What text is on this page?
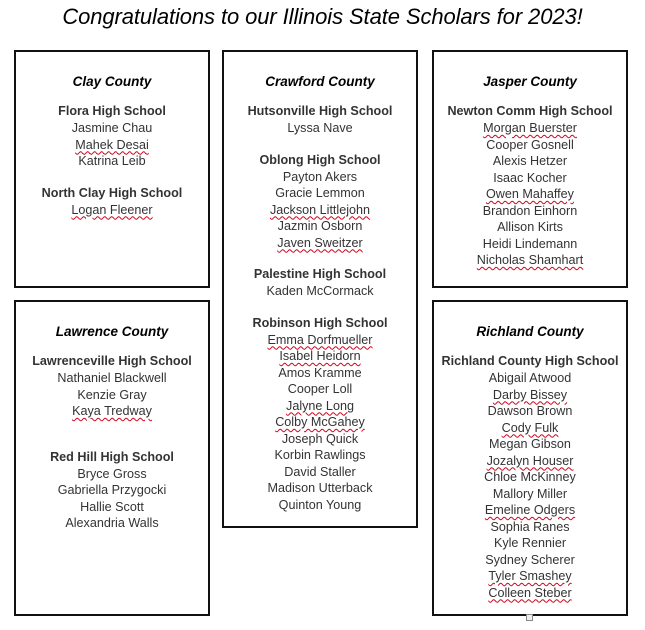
Congratulations to our Illinois State Scholars for 2023!
Clay County
Flora High School
Jasmine Chau
Mahek Desai
Katrina Leib
North Clay High School
Logan Fleener
Crawford County
Hutsonville High School
Lyssa Nave
Oblong High School
Payton Akers
Gracie Lemmon
Jackson Littlejohn
Jazmin Osborn
Javen Sweitzer
Palestine High School
Kaden McCormack
Robinson High School
Emma Dorfmueller
Isabel Heidorn
Amos Kramme
Cooper Loll
Jalyne Long
Colby McGahey
Joseph Quick
Korbin Rawlings
David Staller
Madison Utterback
Quinton Young
Jasper County
Newton Comm High School
Morgan Buerster
Cooper Gosnell
Alexis Hetzer
Isaac Kocher
Owen Mahaffey
Brandon Einhorn
Allison Kirts
Heidi Lindemann
Nicholas Shamhart
Lawrence County
Lawrenceville High School
Nathaniel Blackwell
Kenzie Gray
Kaya Tredway
Red Hill High School
Bryce Gross
Gabriella Przygocki
Hallie Scott
Alexandria Walls
Richland County
Richland County High School
Abigail Atwood
Darby Bissey
Dawson Brown
Cody Fulk
Megan Gibson
Jozalyn Houser
Chloe McKinney
Mallory Miller
Emeline Odgers
Sophia Ranes
Kyle Rennier
Sydney Scherer
Tyler Smashey
Colleen Steber
